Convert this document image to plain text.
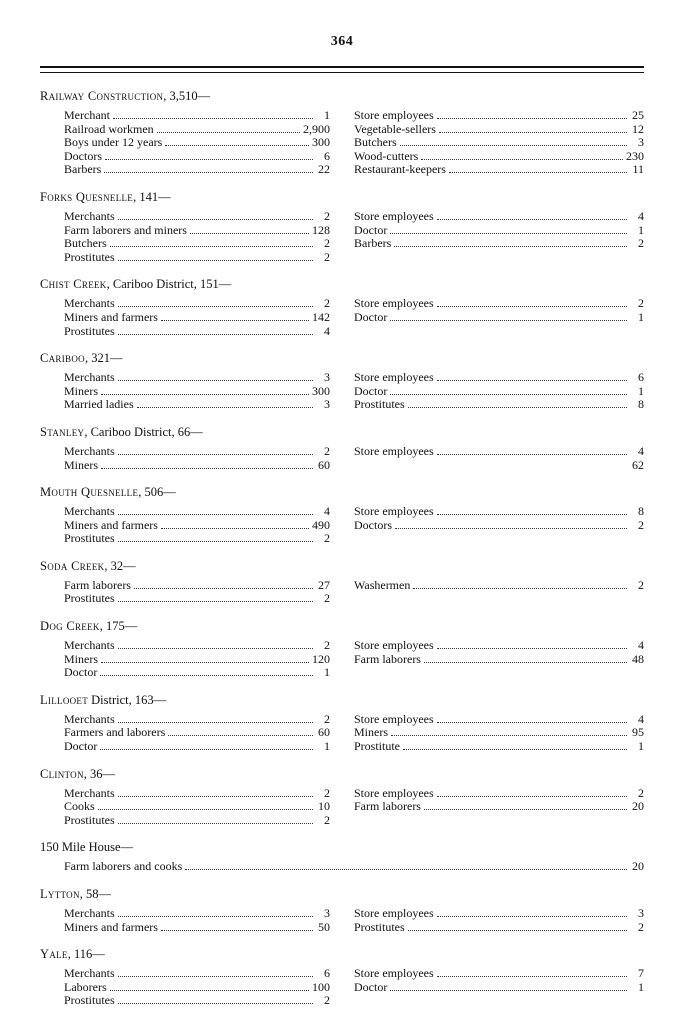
364
Railway Construction, 3,510—
Merchant	1
Railroad workmen	2,900
Boys under 12 years	300
Doctors	6
Barbers	22
Store employees	25
Vegetable-sellers	12
Butchers	3
Wood-cutters	230
Restaurant-keepers	11
Forks Quesnelle, 141—
Merchants	2
Farm laborers and miners	128
Butchers	2
Prostitutes	2
Store employees	4
Doctor	1
Barbers	2
Chist Creek, Cariboo District, 151—
Merchants	2
Miners and farmers	142
Prostitutes	4
Store employees	2
Doctor	1
Cariboo, 321—
Merchants	3
Miners	300
Married ladies	3
Store employees	6
Doctor	1
Prostitutes	8
Stanley, Cariboo District, 66—
Merchants	2
Miners	60
Store employees	4
62
Mouth Quesnelle, 506—
Merchants	4
Miners and farmers	490
Prostitutes	2
Store employees	8
Doctors	2
Soda Creek, 32—
Farm laborers	27
Prostitutes	2
Washermen	2
Dog Creek, 175—
Merchants	2
Miners	120
Doctor	1
Store employees	4
Farm laborers	48
Lillooet District, 163—
Merchants	2
Farmers and laborers	60
Doctor	1
Store employees	4
Miners	95
Prostitute	1
Clinton, 36—
Merchants	2
Cooks	10
Prostitutes	2
Store employees	2
Farm laborers	20
150 Mile House—
Farm laborers and cooks	20
Lytton, 58—
Merchants	3
Miners and farmers	50
Store employees	3
Prostitutes	2
Yale, 116—
Merchants	6
Laborers	100
Prostitutes	2
Store employees	7
Doctor	1
